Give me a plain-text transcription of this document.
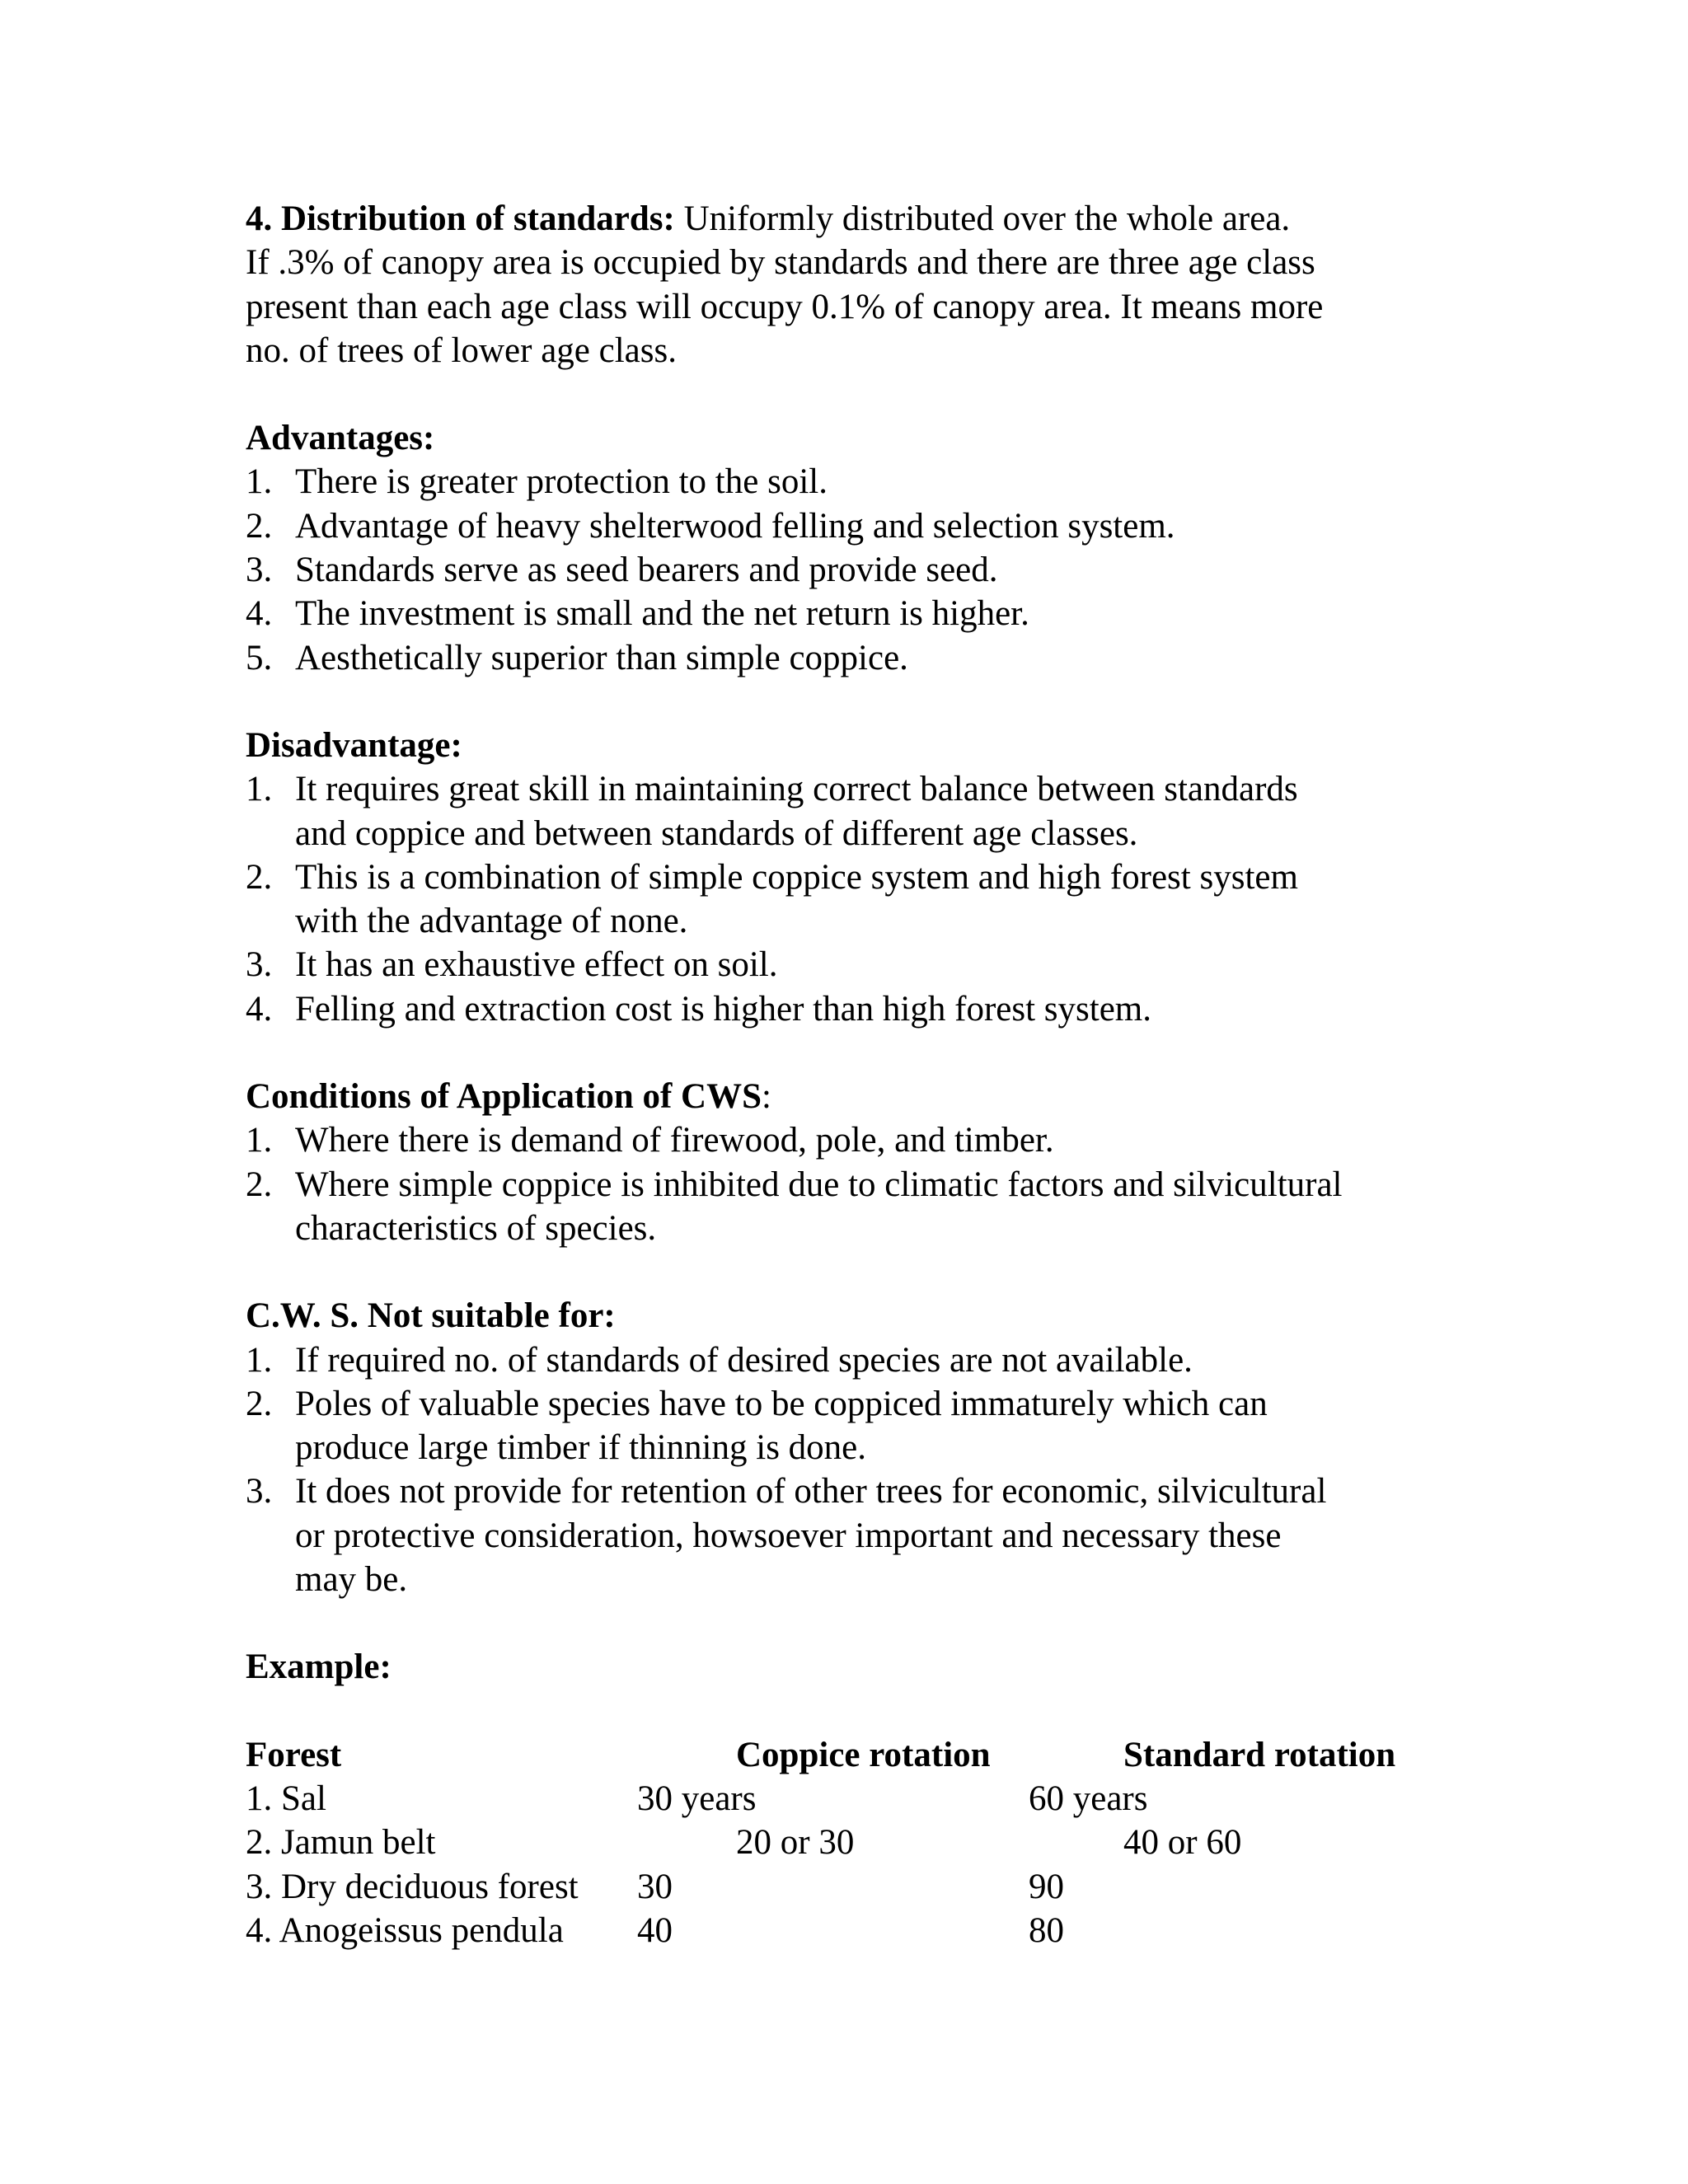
4. Distribution of standards: Uniformly distributed over the whole area.

If .3% of canopy area is occupied by standards and there are three age class

present than each age class will occupy 0.1% of canopy area. It means more

no. of trees of lower age class.

Advantages:

1. There is greater protection to the soil.
2. Advantage of heavy shelterwood felling and selection system.
3. Standards serve as seed bearers and provide seed.
4. The investment is small and the net return is higher.
5. Aesthetically superior than simple coppice.

Disadvantage:

1. It requires great skill in maintaining correct balance between standards
and coppice and between standards of different age classes.
2. This is a combination of simple coppice system and high forest system
with the advantage of none.
3. It has an exhaustive effect on soil.
4. Felling and extraction cost is higher than high forest system.

Conditions of Application of CWS:

1. Where there is demand of firewood, pole, and timber.
2. Where simple coppice is inhibited due to climatic factors and silvicultural
characteristics of species.

C.W. S. Not suitable for:

1. If required no. of standards of desired species are not available.
2. Poles of valuable species have to be coppiced immaturely which can
produce large timber if thinning is done.
3. It does not provide for retention of other trees for economic, silvicultural
or protective consideration, howsoever important and necessary these
may be.

Example:

Forest	Coppice rotation	Standard rotation
1. Sal	30 years	60 years
2. Jamun belt	20 or 30	40 or 60
3. Dry deciduous forest 30	90
4. Anogeissus pendula 40	80
